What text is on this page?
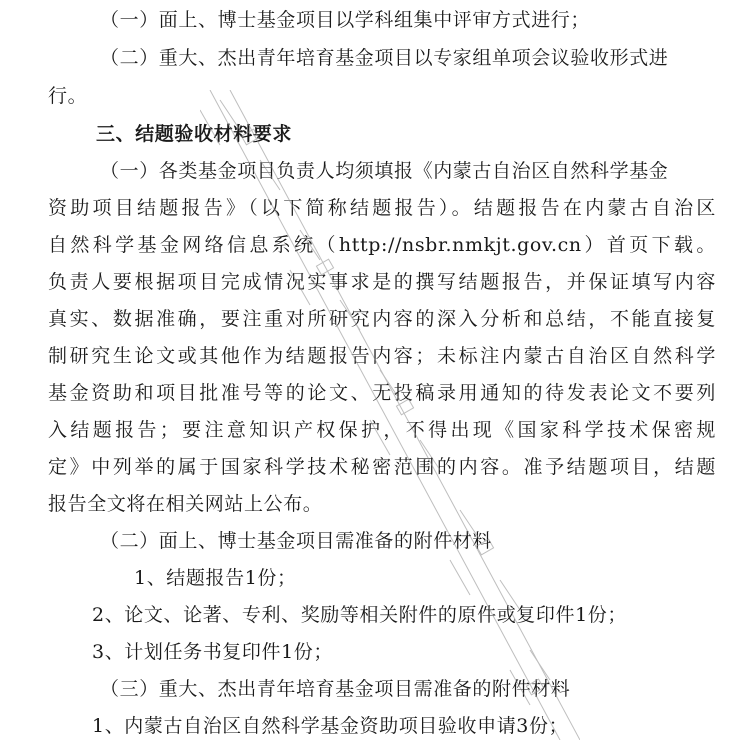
（一）面上、博士基金项目以学科组集中评审方式进行；
（二）重大、杰出青年培育基金项目以专家组单项会议验收形式进
行。
三、结题验收材料要求
（一）各类基金项目负责人均须填报《内蒙古自治区自然科学基金
资助项目结题报告》（以下简称结题报告）。结题报告在内蒙古自治区
自然科学基金网络信息系统（http://nsbr.nmkjt.gov.cn）首页下载。
负责人要根据项目完成情况实事求是的撰写结题报告，并保证填写内容
真实、数据准确，要注重对所研究内容的深入分析和总结，不能直接复
制研究生论文或其他作为结题报告内容；未标注内蒙古自治区自然科学
基金资助和项目批准号等的论文、无投稿录用通知的待发表论文不要列
入结题报告；要注意知识产权保护，不得出现《国家科学技术保密规
定》中列举的属于国家科学技术秘密范围的内容。准予结题项目，结题
报告全文将在相关网站上公布。
（二）面上、博士基金项目需准备的附件材料
1、结题报告1份；
2、论文、论著、专利、奖励等相关附件的原件或复印件1份；
3、计划任务书复印件1份；
（三）重大、杰出青年培育基金项目需准备的附件材料
1、内蒙古自治区自然科学基金资助项目验收申请3份；
